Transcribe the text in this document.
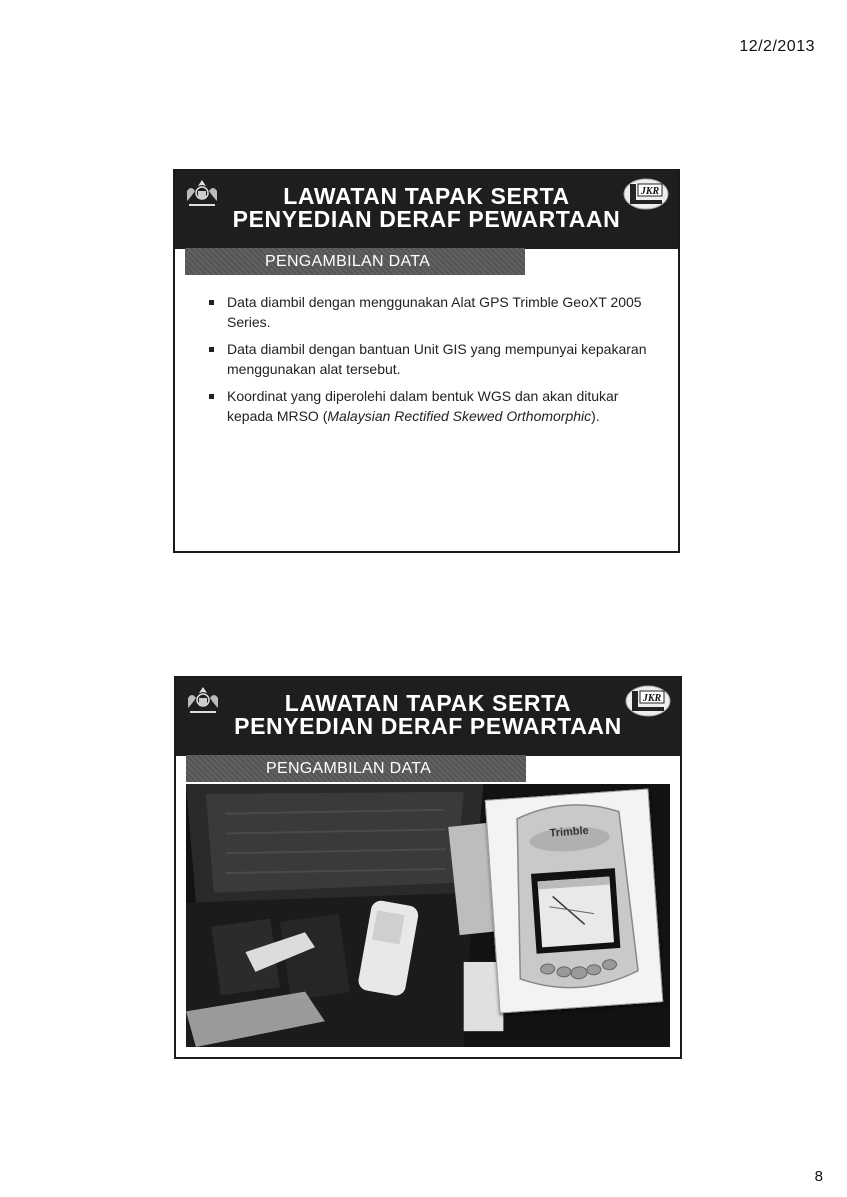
12/2/2013
LAWATAN TAPAK SERTA
PENYEDIAN DERAF PEWARTAAN
JKR
PENGAMBILAN DATA
Data diambil dengan menggunakan Alat GPS Trimble GeoXT 2005 Series.
Data diambil dengan bantuan Unit GIS yang mempunyai kepakaran menggunakan alat tersebut.
Koordinat yang diperolehi dalam bentuk WGS dan akan ditukar kepada MRSO (Malaysian Rectified Skewed Orthomorphic).
LAWATAN TAPAK SERTA
PENYEDIAN DERAF PEWARTAAN
JKR
PENGAMBILAN DATA
Trimble
8
